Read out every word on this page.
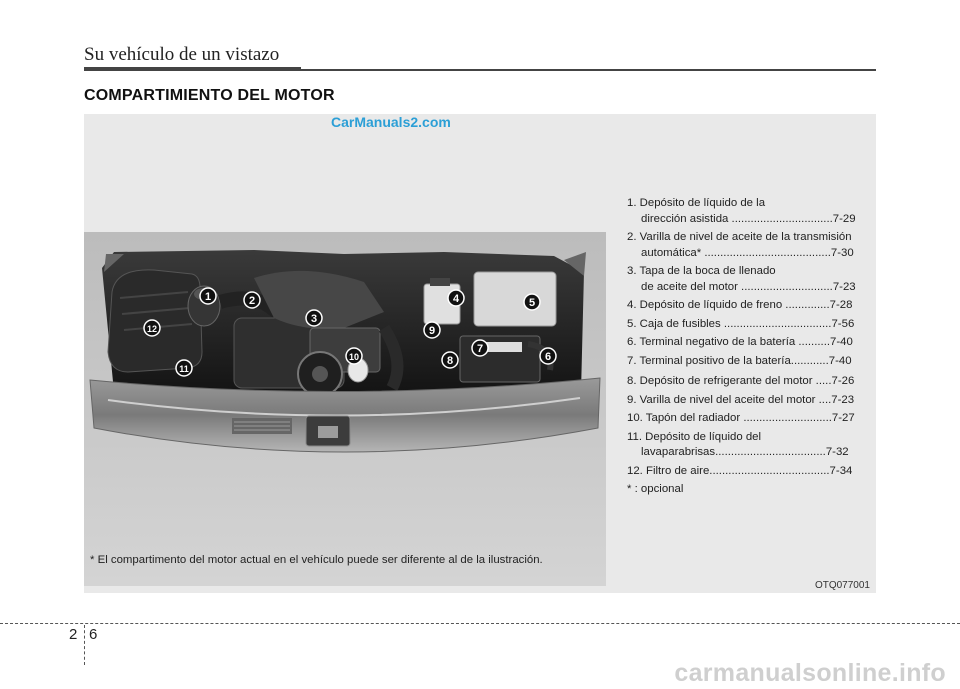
Su vehículo de un vistazo
COMPARTIMIENTO DEL MOTOR
CarManuals2.com
1	2
3
4	5
6
7
8
9
10
11
12
1. Depósito de líquido de la
dirección asistida ................................7-29
2. Varilla de nivel de aceite de la transmisión
automática* ........................................7-30
3. Tapa de la boca de llenado
de aceite del motor .............................7-23
4. Depósito de líquido de freno ..............7-28
5. Caja de fusibles ..................................7-56
6. Terminal negativo de la batería ..........7-40
7. Terminal positivo de la batería............7-40
8. Depósito de refrigerante del motor .....7-26
9. Varilla de nivel del aceite del motor ....7-23
10. Tapón del radiador ............................7-27
11. Depósito de líquido del
lavaparabrisas...................................7-32
12. Filtro de aire......................................7-34
* : opcional
* El compartimento del motor actual en el vehículo puede ser diferente al de la ilustración.
OTQ077001
2 6
carmanualsonline.info
